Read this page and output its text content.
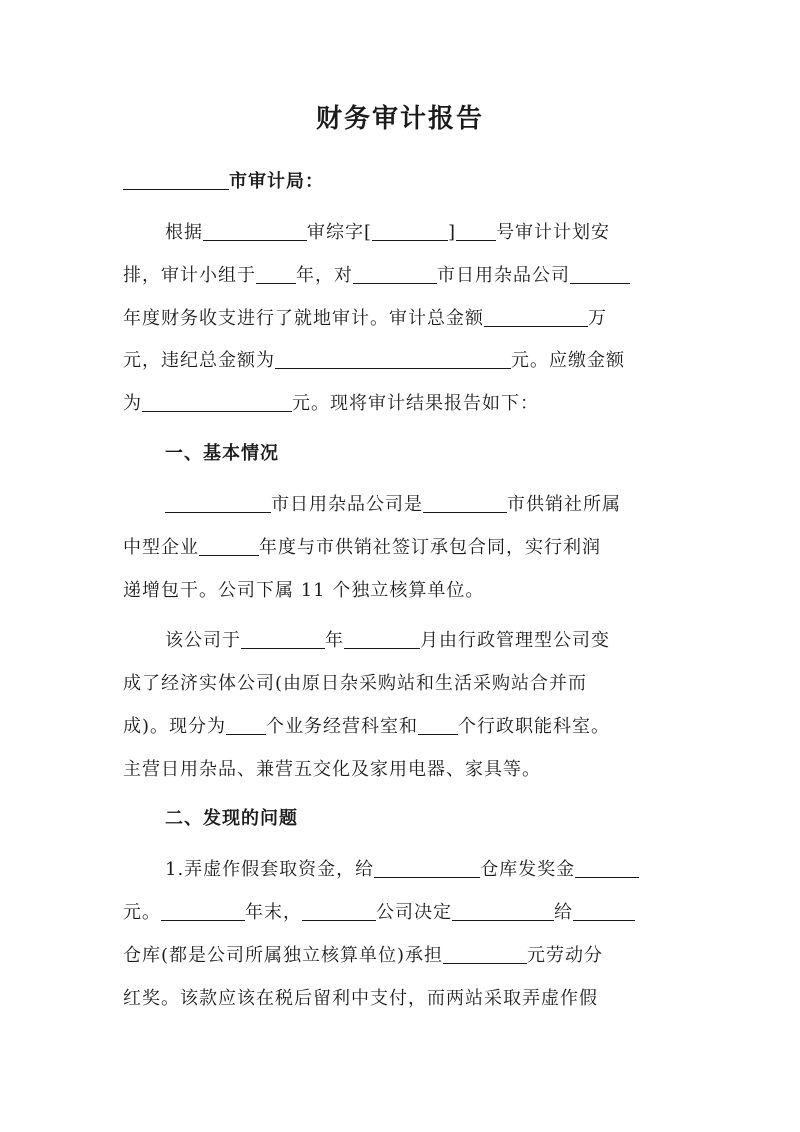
财务审计报告
市审计局：
根据	审综字[	] 号审计计划安
排，审计小组于 年，对	市日用杂品公司
年度财务收支进行了就地审计。审计总金额	万
元，违纪总金额为	元。应缴金额
为	元。现将审计结果报告如下：
一、基本情况
市日用杂品公司是	市供销社所属
中型企业	年度与市供销社签订承包合同，实行利润
递增包干。公司下属 11 个独立核算单位。
该公司于	年	月由行政管理型公司变
成了经济实体公司(由原日杂采购站和生活采购站合并而
成)。现分为 个业务经营科室和 个行政职能科室。
主营日用杂品、兼营五交化及家用电器、家具等。
二、发现的问题
1.弄虚作假套取资金，给	仓库发奖金
元。	年末，	公司决定	给
仓库(都是公司所属独立核算单位)承担	元劳动分
红奖。该款应该在税后留利中支付，而两站采取弄虚作假
